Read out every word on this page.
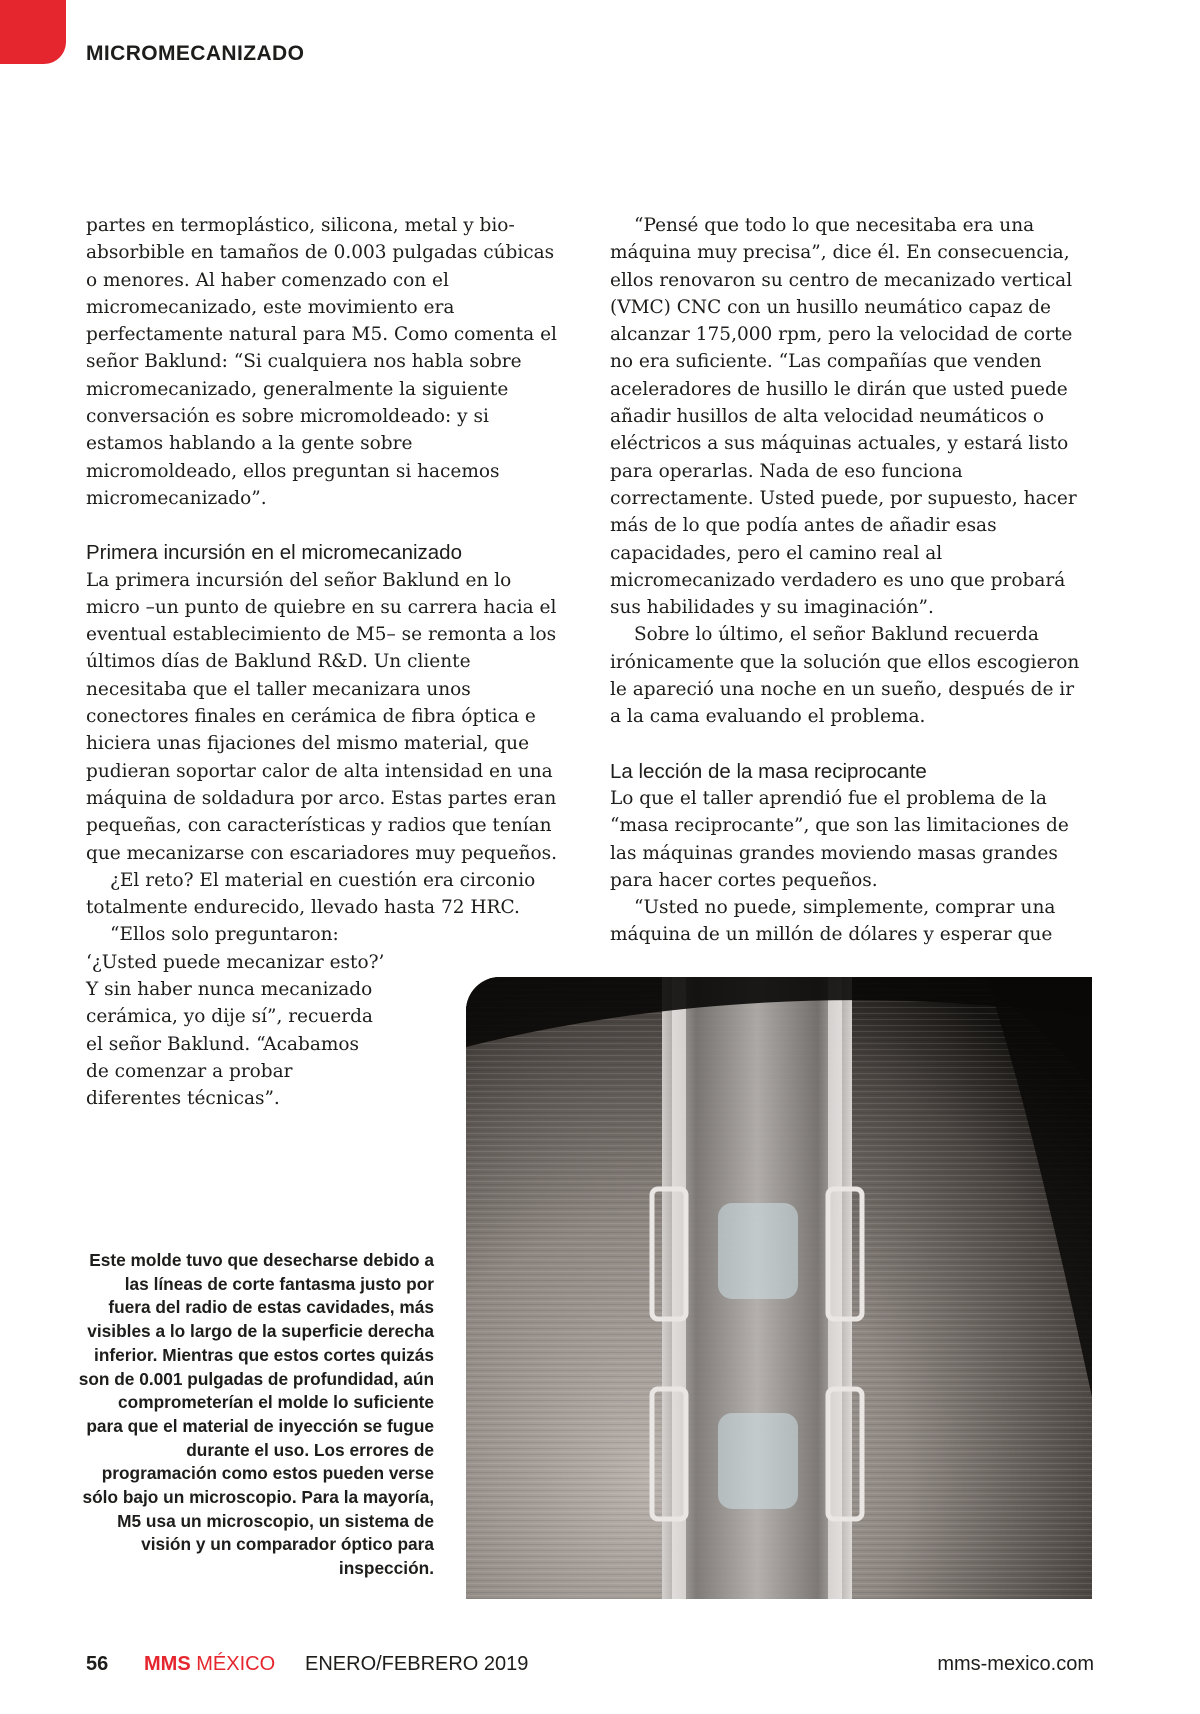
MICROMECANIZADO

partes en termoplástico, silicona, metal y bio-absorbible en tamaños de 0.003 pulgadas cúbicas o menores. Al haber comenzado con el micromecanizado, este movimiento era perfectamente natural para M5. Como comenta el señor Baklund: “Si cualquiera nos habla sobre micromecanizado, generalmente la siguiente conversación es sobre micromoldeado: y si estamos hablando a la gente sobre micromoldeado, ellos preguntan si hacemos micromecanizado”.

Primera incursión en el micromecanizado

La primera incursión del señor Baklund en lo micro –un punto de quiebre en su carrera hacia el eventual establecimiento de M5– se remonta a los últimos días de Baklund R&D. Un cliente necesitaba que el taller mecanizara unos conectores finales en cerámica de fibra óptica e hiciera unas fijaciones del mismo material, que pudieran soportar calor de alta intensidad en una máquina de soldadura por arco. Estas partes eran pequeñas, con características y radios que tenían que mecanizarse con escariadores muy pequeños.

¿El reto? El material en cuestión era circonio totalmente endurecido, llevado hasta 72 HRC.

“Ellos solo preguntaron: ‘¿Usted puede mecanizar esto?’ Y sin haber nunca mecanizado cerámica, yo dije sí”, recuerda el señor Baklund. “Acabamos de comenzar a probar diferentes técnicas”.

“Pensé que todo lo que necesitaba era una máquina muy precisa”, dice él. En consecuencia, ellos renovaron su centro de mecanizado vertical (VMC) CNC con un husillo neumático capaz de alcanzar 175,000 rpm, pero la velocidad de corte no era suficiente. “Las compañías que venden aceleradores de husillo le dirán que usted puede añadir husillos de alta velocidad neumáticos o eléctricos a sus máquinas actuales, y estará listo para operarlas. Nada de eso funciona correctamente. Usted puede, por supuesto, hacer más de lo que podía antes de añadir esas capacidades, pero el camino real al micromecanizado verdadero es uno que probará sus habilidades y su imaginación”.

Sobre lo último, el señor Baklund recuerda irónicamente que la solución que ellos escogieron le apareció una noche en un sueño, después de ir a la cama evaluando el problema.

La lección de la masa reciprocante

Lo que el taller aprendió fue el problema de la “masa reciprocante”, que son las limitaciones de las máquinas grandes moviendo masas grandes para hacer cortes pequeños.

“Usted no puede, simplemente, comprar una máquina de un millón de dólares y esperar que

Este molde tuvo que desecharse debido a las líneas de corte fantasma justo por fuera del radio de estas cavidades, más visibles a lo largo de la superficie derecha inferior. Mientras que estos cortes quizás son de 0.001 pulgadas de profundidad, aún comprometerían el molde lo suficiente para que el material de inyección se fugue durante el uso. Los errores de programación como estos pueden verse sólo bajo un microscopio. Para la mayoría, M5 usa un microscopio, un sistema de visión y un comparador óptico para inspección.
56 MMS MÉXICO ENERO/FEBRERO 2019	mms-mexico.com
